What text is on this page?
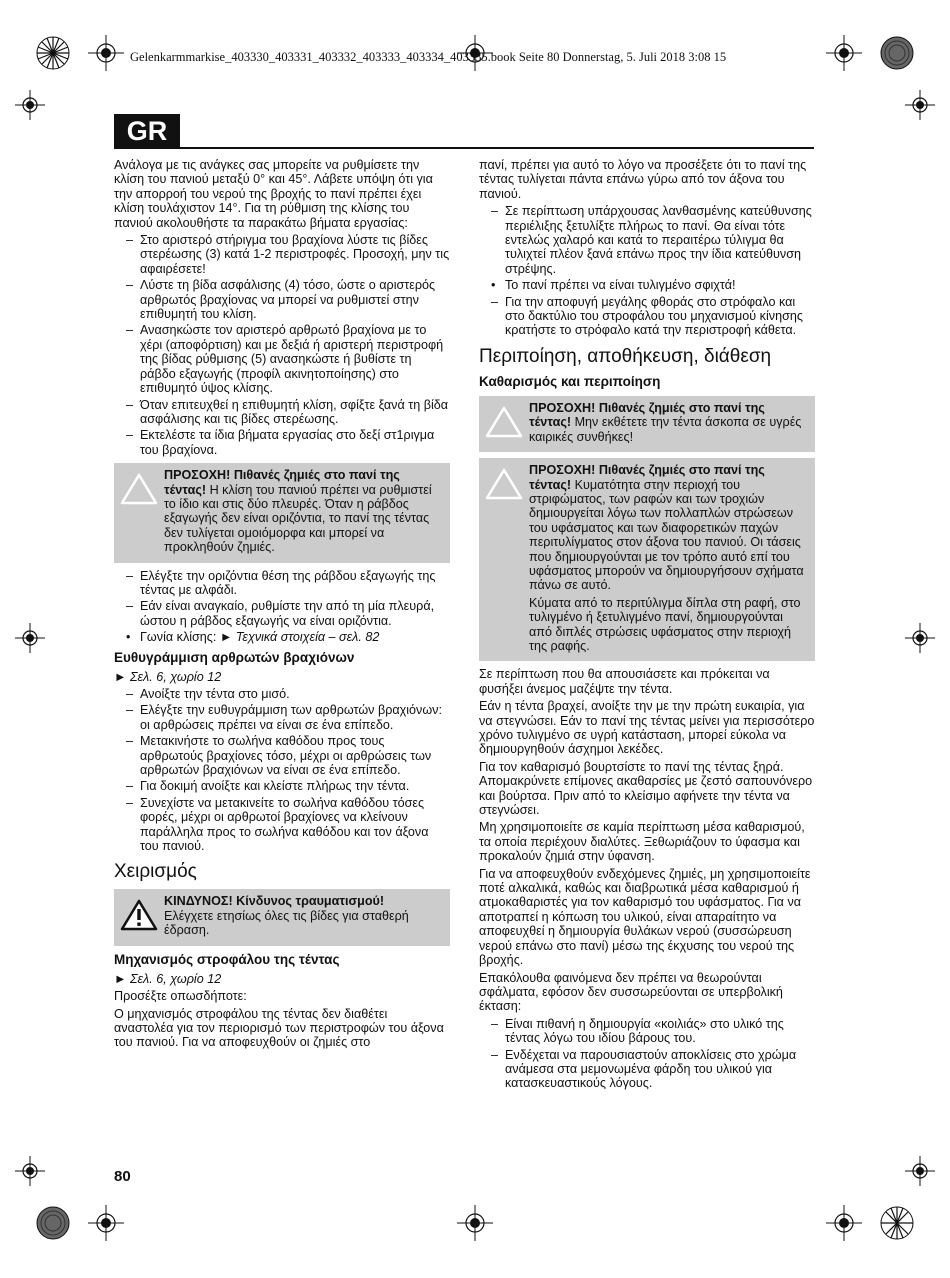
Gelenkarmmarkise_403330_403331_403332_403333_403334_403335.book Seite 80 Donnerstag, 5. Juli 2018 3:08 15
GR

Ανάλογα με τις ανάγκες σας μπορείτε να ρυθμίσετε την κλίση του πανιού μεταξύ 0° και 45°. Λάβετε υπόψη ότι για την απορροή του νερού της βροχής το πανί πρέπει έχει κλίση τουλάχιστον 14°. Για τη ρύθμιση της κλίσης του πανιού ακολουθήστε τα παρακάτω βήματα εργασίας:

– Στο αριστερό στήριγμα του βραχίονα λύστε τις βίδες στερέωσης (3) κατά 1-2 περιστροφές. Προσοχή, μην τις αφαιρέσετε!
– Λύστε τη βίδα ασφάλισης (4) τόσο, ώστε ο αριστερός αρθρωτός βραχίονας να μπορεί να ρυθμιστεί στην επιθυμητή του κλίση.
– Ανασηκώστε τον αριστερό αρθρωτό βραχίονα με το χέρι (αποφόρτιση) και με δεξιά ή αριστερή περιστροφή της βίδας ρύθμισης (5) ανασηκώστε ή βυθίστε τη ράβδο εξαγωγής (προφίλ ακινητοποίησης) στο επιθυμητό ύψος κλίσης.
– Όταν επιτευχθεί η επιθυμητή κλίση, σφίξτε ξανά τη βίδα ασφάλισης και τις βίδες στερέωσης.
– Εκτελέστε τα ίδια βήματα εργασίας στο δεξί στ1ριγμα του βραχίονα.

ΠΡΟΣΟΧΗ! Πιθανές ζημιές στο πανί της τέντας! Η κλίση του πανιού πρέπει να ρυθμιστεί το ίδιο και στις δύο πλευρές. Όταν η ράβδος εξαγωγής δεν είναι οριζόντια, το πανί της τέντας δεν τυλίγεται ομοιόμορφα και μπορεί να προκληθούν ζημιές.

– Ελέγξτε την οριζόντια θέση της ράβδου εξαγωγής της τέντας με αλφάδι.
– Εάν είναι αναγκαίο, ρυθμίστε την από τη μία πλευρά, ώστου η ράβδος εξαγωγής να είναι οριζόντια.
• Γωνία κλίσης: ► Τεχνικά στοιχεία – σελ. 82
Ευθυγράμμιση αρθρωτών βραχιόνων

► Σελ. 6, χωρίο 12

– Ανοίξτε την τέντα στο μισό.
– Ελέγξτε την ευθυγράμμιση των αρθρωτών βραχιόνων: οι αρθρώσεις πρέπει να είναι σε ένα επίπεδο.
– Μετακινήστε το σωλήνα καθόδου προς τους αρθρωτούς βραχίονες τόσο, μέχρι οι αρθρώσεις των αρθρωτών βραχιόνων να είναι σε ένα επίπεδο.
– Για δοκιμή ανοίξτε και κλείστε πλήρως την τέντα.
– Συνεχίστε να μετακινείτε το σωλήνα καθόδου τόσες φορές, μέχρι οι αρθρωτοί βραχίονες να κλείνουν παράλληλα προς το σωλήνα καθόδου και τον άξονα του πανιού.
Χειρισμός

ΚΙΝΔΥΝΟΣ! Κίνδυνος τραυματισμού!
Ελέγχετε ετησίως όλες τις βίδες για σταθερή έδραση.

Μηχανισμός στροφάλου της τέντας

► Σελ. 6, χωρίο 12

Προσέξτε οπωσδήποτε:

Ο μηχανισμός στροφάλου της τέντας δεν διαθέτει αναστολέα για τον περιορισμό των περιστροφών του άξονα του πανιού. Για να αποφευχθούν οι ζημιές στο

πανί, πρέπει για αυτό το λόγο να προσέξετε ότι το πανί της τέντας τυλίγεται πάντα επάνω γύρω από τον άξονα του πανιού.

– Σε περίπτωση υπάρχουσας λανθασμένης κατεύθυνσης περιέλιξης ξετυλίξτε πλήρως το πανί. Θα είναι τότε εντελώς χαλαρό και κατά το περαιτέρω τύλιγμα θα τυλιχτεί πλέον ξανά επάνω προς την ίδια κατεύθυνση στρέψης.
• Το πανί πρέπει να είναι τυλιγμένο σφιχτά!
– Για την αποφυγή μεγάλης φθοράς στο στρόφαλο και στο δακτύλιο του στροφάλου του μηχανισμού κίνησης κρατήστε το στρόφαλο κατά την περιστροφή κάθετα.
Περιποίηση, αποθήκευση, διάθεση
Καθαρισμός και περιποίηση

ΠΡΟΣΟΧΗ! Πιθανές ζημιές στο πανί της τέντας! Μην εκθέτετε την τέντα άσκοπα σε υγρές καιρικές συνθήκες!

ΠΡΟΣΟΧΗ! Πιθανές ζημιές στο πανί της τέντας! Κυματότητα στην περιοχή του στριφώματος, των ραφών και των τροχιών δημιουργείται λόγω των πολλαπλών στρώσεων του υφάσματος και των διαφορετικών παχών περιτυλίγματος στον άξονα του πανιού. Οι τάσεις που δημιουργούνται με τον τρόπο αυτό επί του υφάσματος μπορούν να δημιουργήσουν σχήματα πάνω σε αυτό.

Κύματα από το περιτύλιγμα δίπλα στη ραφή, στο τυλιγμένο ή ξετυλιγμένο πανί, δημιουργούνται από διπλές στρώσεις υφάσματος στην περιοχή της ραφής.

Σε περίπτωση που θα απουσιάσετε και πρόκειται να φυσήξει άνεμος μαζέψτε την τέντα.

Εάν η τέντα βραχεί, ανοίξτε την με την πρώτη ευκαιρία, για να στεγνώσει. Εάν το πανί της τέντας μείνει για περισσότερο χρόνο τυλιγμένο σε υγρή κατάσταση, μπορεί εύκολα να δημιουργηθούν άσχημοι λεκέδες.

Για τον καθαρισμό βουρτσίστε το πανί της τέντας ξηρά. Απομακρύνετε επίμονες ακαθαρσίες με ζεστό σαπουνόνερο και βούρτσα. Πριν από το κλείσιμο αφήνετε την τέντα να στεγνώσει.

Μη χρησιμοποιείτε σε καμία περίπτωση μέσα καθαρισμού, τα οποία περιέχουν διαλύτες. Ξεθωριάζουν το ύφασμα και προκαλούν ζημιά στην ύφανση.

Για να αποφευχθούν ενδεχόμενες ζημιές, μη χρησιμοποιείτε ποτέ αλκαλικά, καθώς και διαβρωτικά μέσα καθαρισμού ή ατμοκαθαριστές για τον καθαρισμό του υφάσματος. Για να αποτραπεί η κόπωση του υλικού, είναι απαραίτητο να αποφευχθεί η δημιουργία θυλάκων νερού (συσσώρευση νερού επάνω στο πανί) μέσω της έκχυσης του νερού της βροχής.

Επακόλουθα φαινόμενα δεν πρέπει να θεωρούνται σφάλματα, εφόσον δεν συσσωρεύονται σε υπερβολική έκταση:

– Είναι πιθανή η δημιουργία «κοιλιάς» στο υλικό της τέντας λόγω του ιδίου βάρους του.
– Ενδέχεται να παρουσιαστούν αποκλίσεις στο χρώμα ανάμεσα στα μεμονωμένα φάρδη του υλικού για κατασκευαστικούς λόγους.
80
